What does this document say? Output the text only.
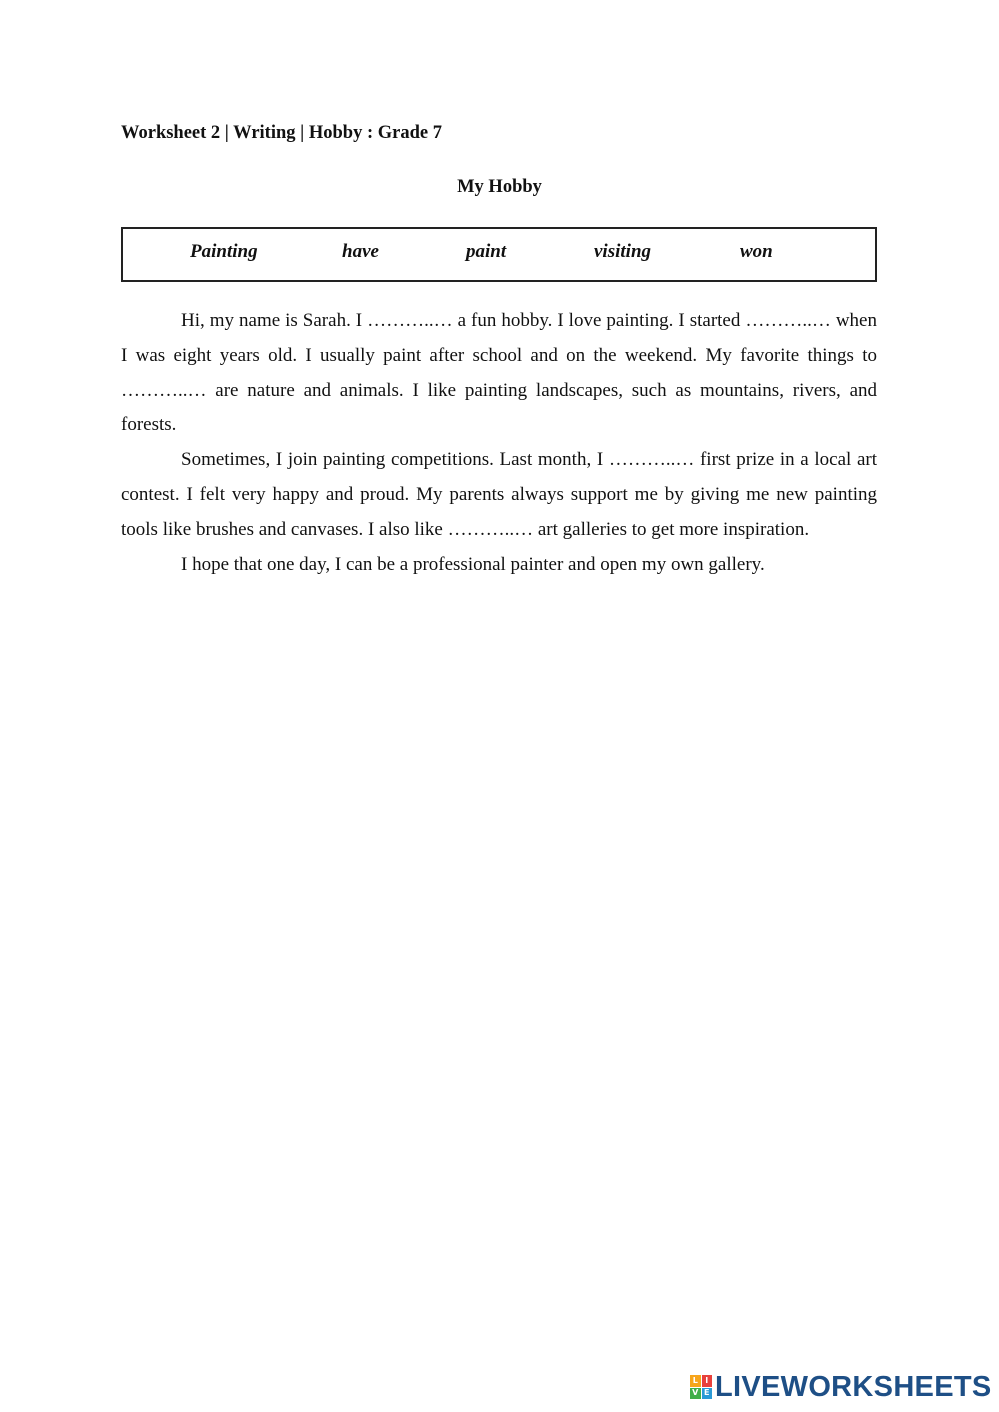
Worksheet 2 | Writing | Hobby : Grade 7
My Hobby
Painting	have	paint	visiting	won

Hi, my name is Sarah. I ………..… a fun hobby. I love painting. I started ………..… when I was eight years old. I usually paint after school and on the weekend. My favorite things to ………..… are nature and animals. I like painting landscapes, such as mountains, rivers, and forests.

Sometimes, I join painting competitions. Last month, I ………..… first prize in a local art contest. I felt very happy and proud. My parents always support me by giving me new painting tools like brushes and canvases. I also like ………..… art galleries to get more inspiration.

I hope that one day, I can be a professional painter and open my own gallery.

L I
V E LIVEWORKSHEETS
